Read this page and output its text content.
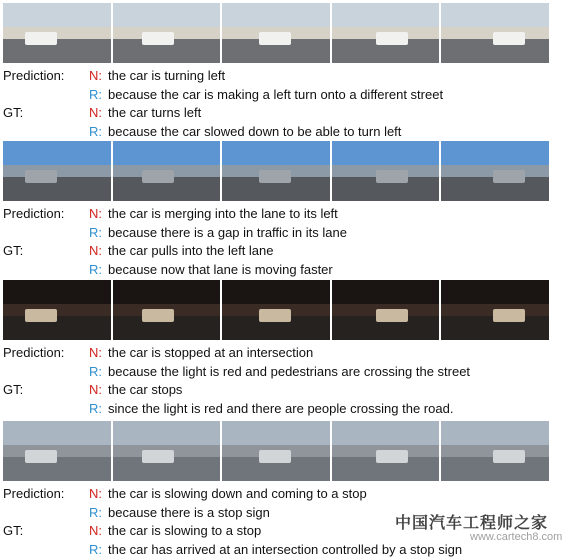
Prediction:	N: the car is turning left
R: because the car is making a left turn onto a different street
GT:	N: the car turns left
R: because the car slowed down to be able to turn left
Prediction:	N: the car is merging into the lane to its left
R: because there is a gap in traffic in its lane
GT:	N: the car pulls into the left lane
R: because now that lane is moving faster
Prediction:	N: the car is stopped at an intersection
R: because the light is red and pedestrians are crossing the street
GT:	N: the car stops
R: since the light is red and there are people crossing the road.
Prediction:	N: the car is slowing down and coming to a stop
R: because there is a stop sign
GT:	N: the car is slowing to a stop
R: the car has arrived at an intersection controlled by a stop sign
中国汽车工程师之家
www.cartech8.com
